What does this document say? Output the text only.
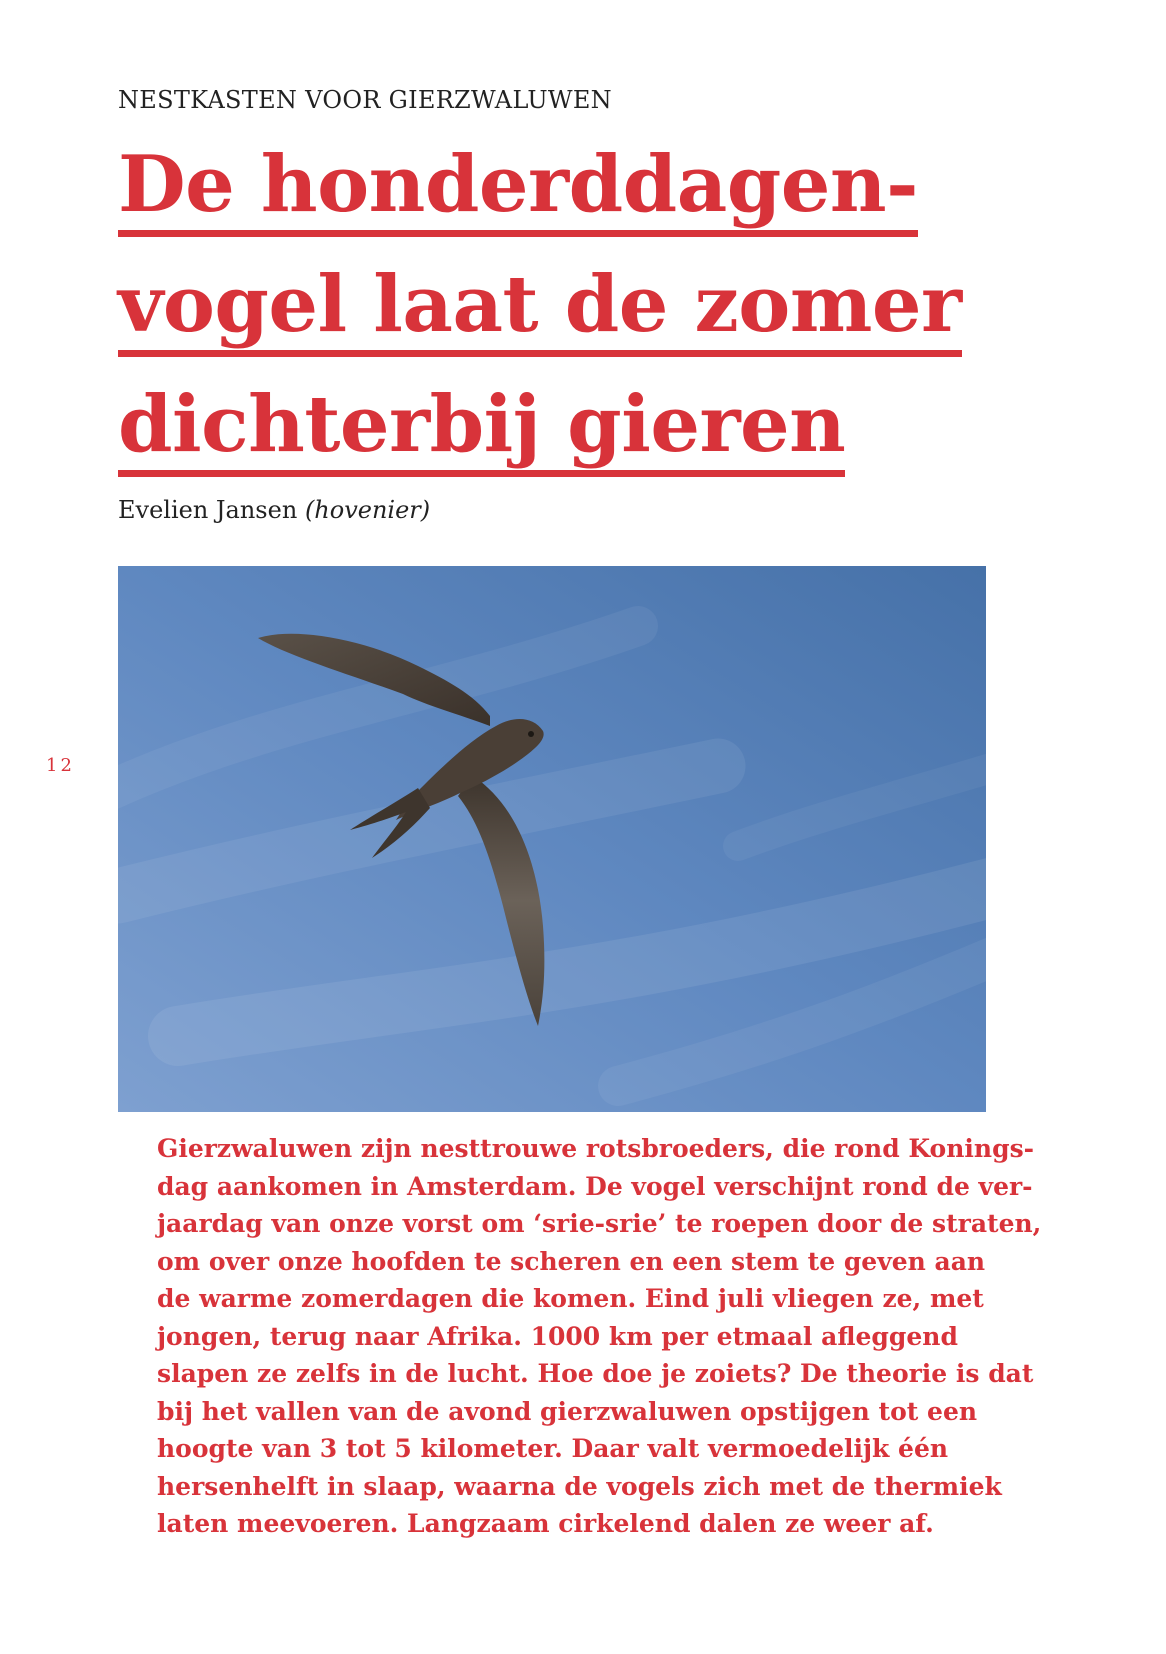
NESTKASTEN VOOR GIERZWALUWEN
De honderddagen-
vogel laat de zomer
dichterbij gieren
Evelien Jansen (hovenier)
12
Gierzwaluwen zijn nesttrouwe rotsbroeders, die rond Konings-
dag aankomen in Amsterdam. De vogel verschijnt rond de ver-
jaardag van onze vorst om ‘srie-srie’ te roepen door de straten,
om over onze hoofden te scheren en een stem te geven aan
de warme zomerdagen die komen. Eind juli vliegen ze, met
jongen, terug naar Afrika. 1000 km per etmaal afleggend
slapen ze zelfs in de lucht. Hoe doe je zoiets? De theorie is dat
bij het vallen van de avond gierzwaluwen opstijgen tot een
hoogte van 3 tot 5 kilometer. Daar valt vermoedelijk één
hersenhelft in slaap, waarna de vogels zich met de thermiek
laten meevoeren. Langzaam cirkelend dalen ze weer af.
